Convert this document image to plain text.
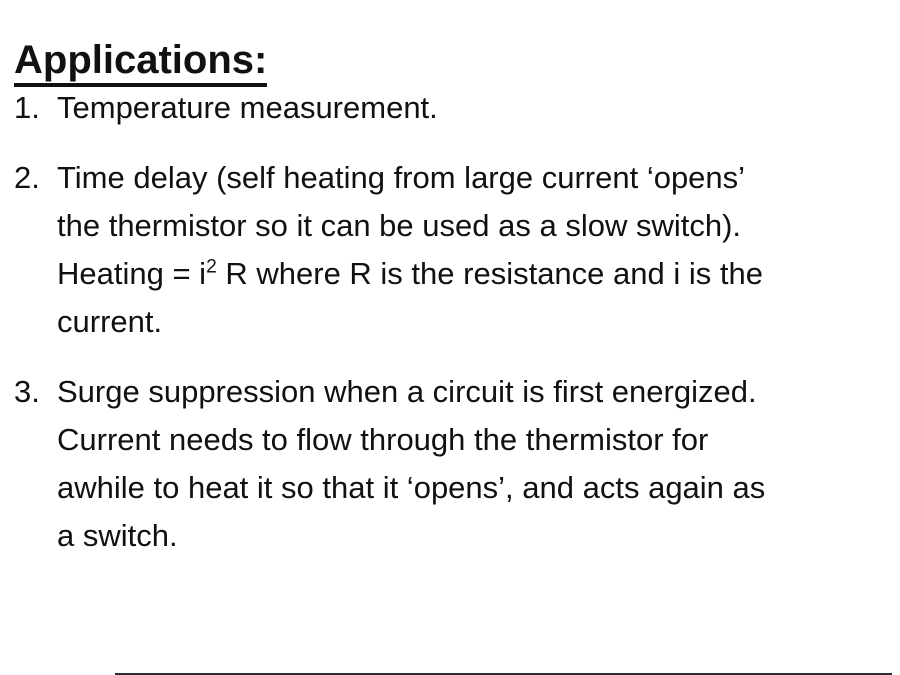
Applications:
1. Temperature measurement.
2. Time delay (self heating from large current ‘opens’
the thermistor so it can be used as a slow switch).
Heating = $i^2$ R where R is the resistance and i is the
current.
3. Surge suppression when a circuit is first energized.
Current needs to flow through the thermistor for
awhile to heat it so that it ‘opens’, and acts again as
a switch.
